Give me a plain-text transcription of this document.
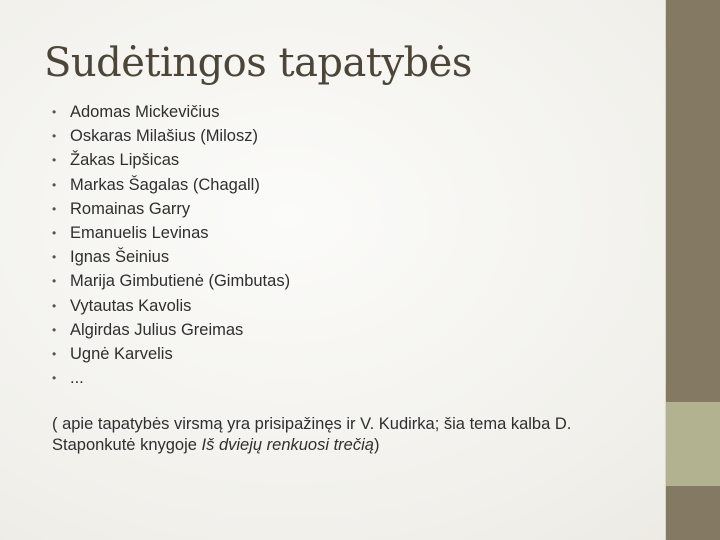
Sudėtingos tapatybės
• Adomas Mickevičius
• Oskaras Milašius (Milosz)
• Žakas Lipšicas
• Markas Šagalas (Chagall)
• Romainas Garry
• Emanuelis Levinas
• Ignas Šeinius
• Marija Gimbutienė (Gimbutas)
• Vytautas Kavolis
• Algirdas Julius Greimas
• Ugnė Karvelis
• ...
( apie tapatybės virsmą yra prisipažinęs ir V. Kudirka; šia tema kalba D. Staponkutė knygoje Iš dviejų renkuosi trečią)
